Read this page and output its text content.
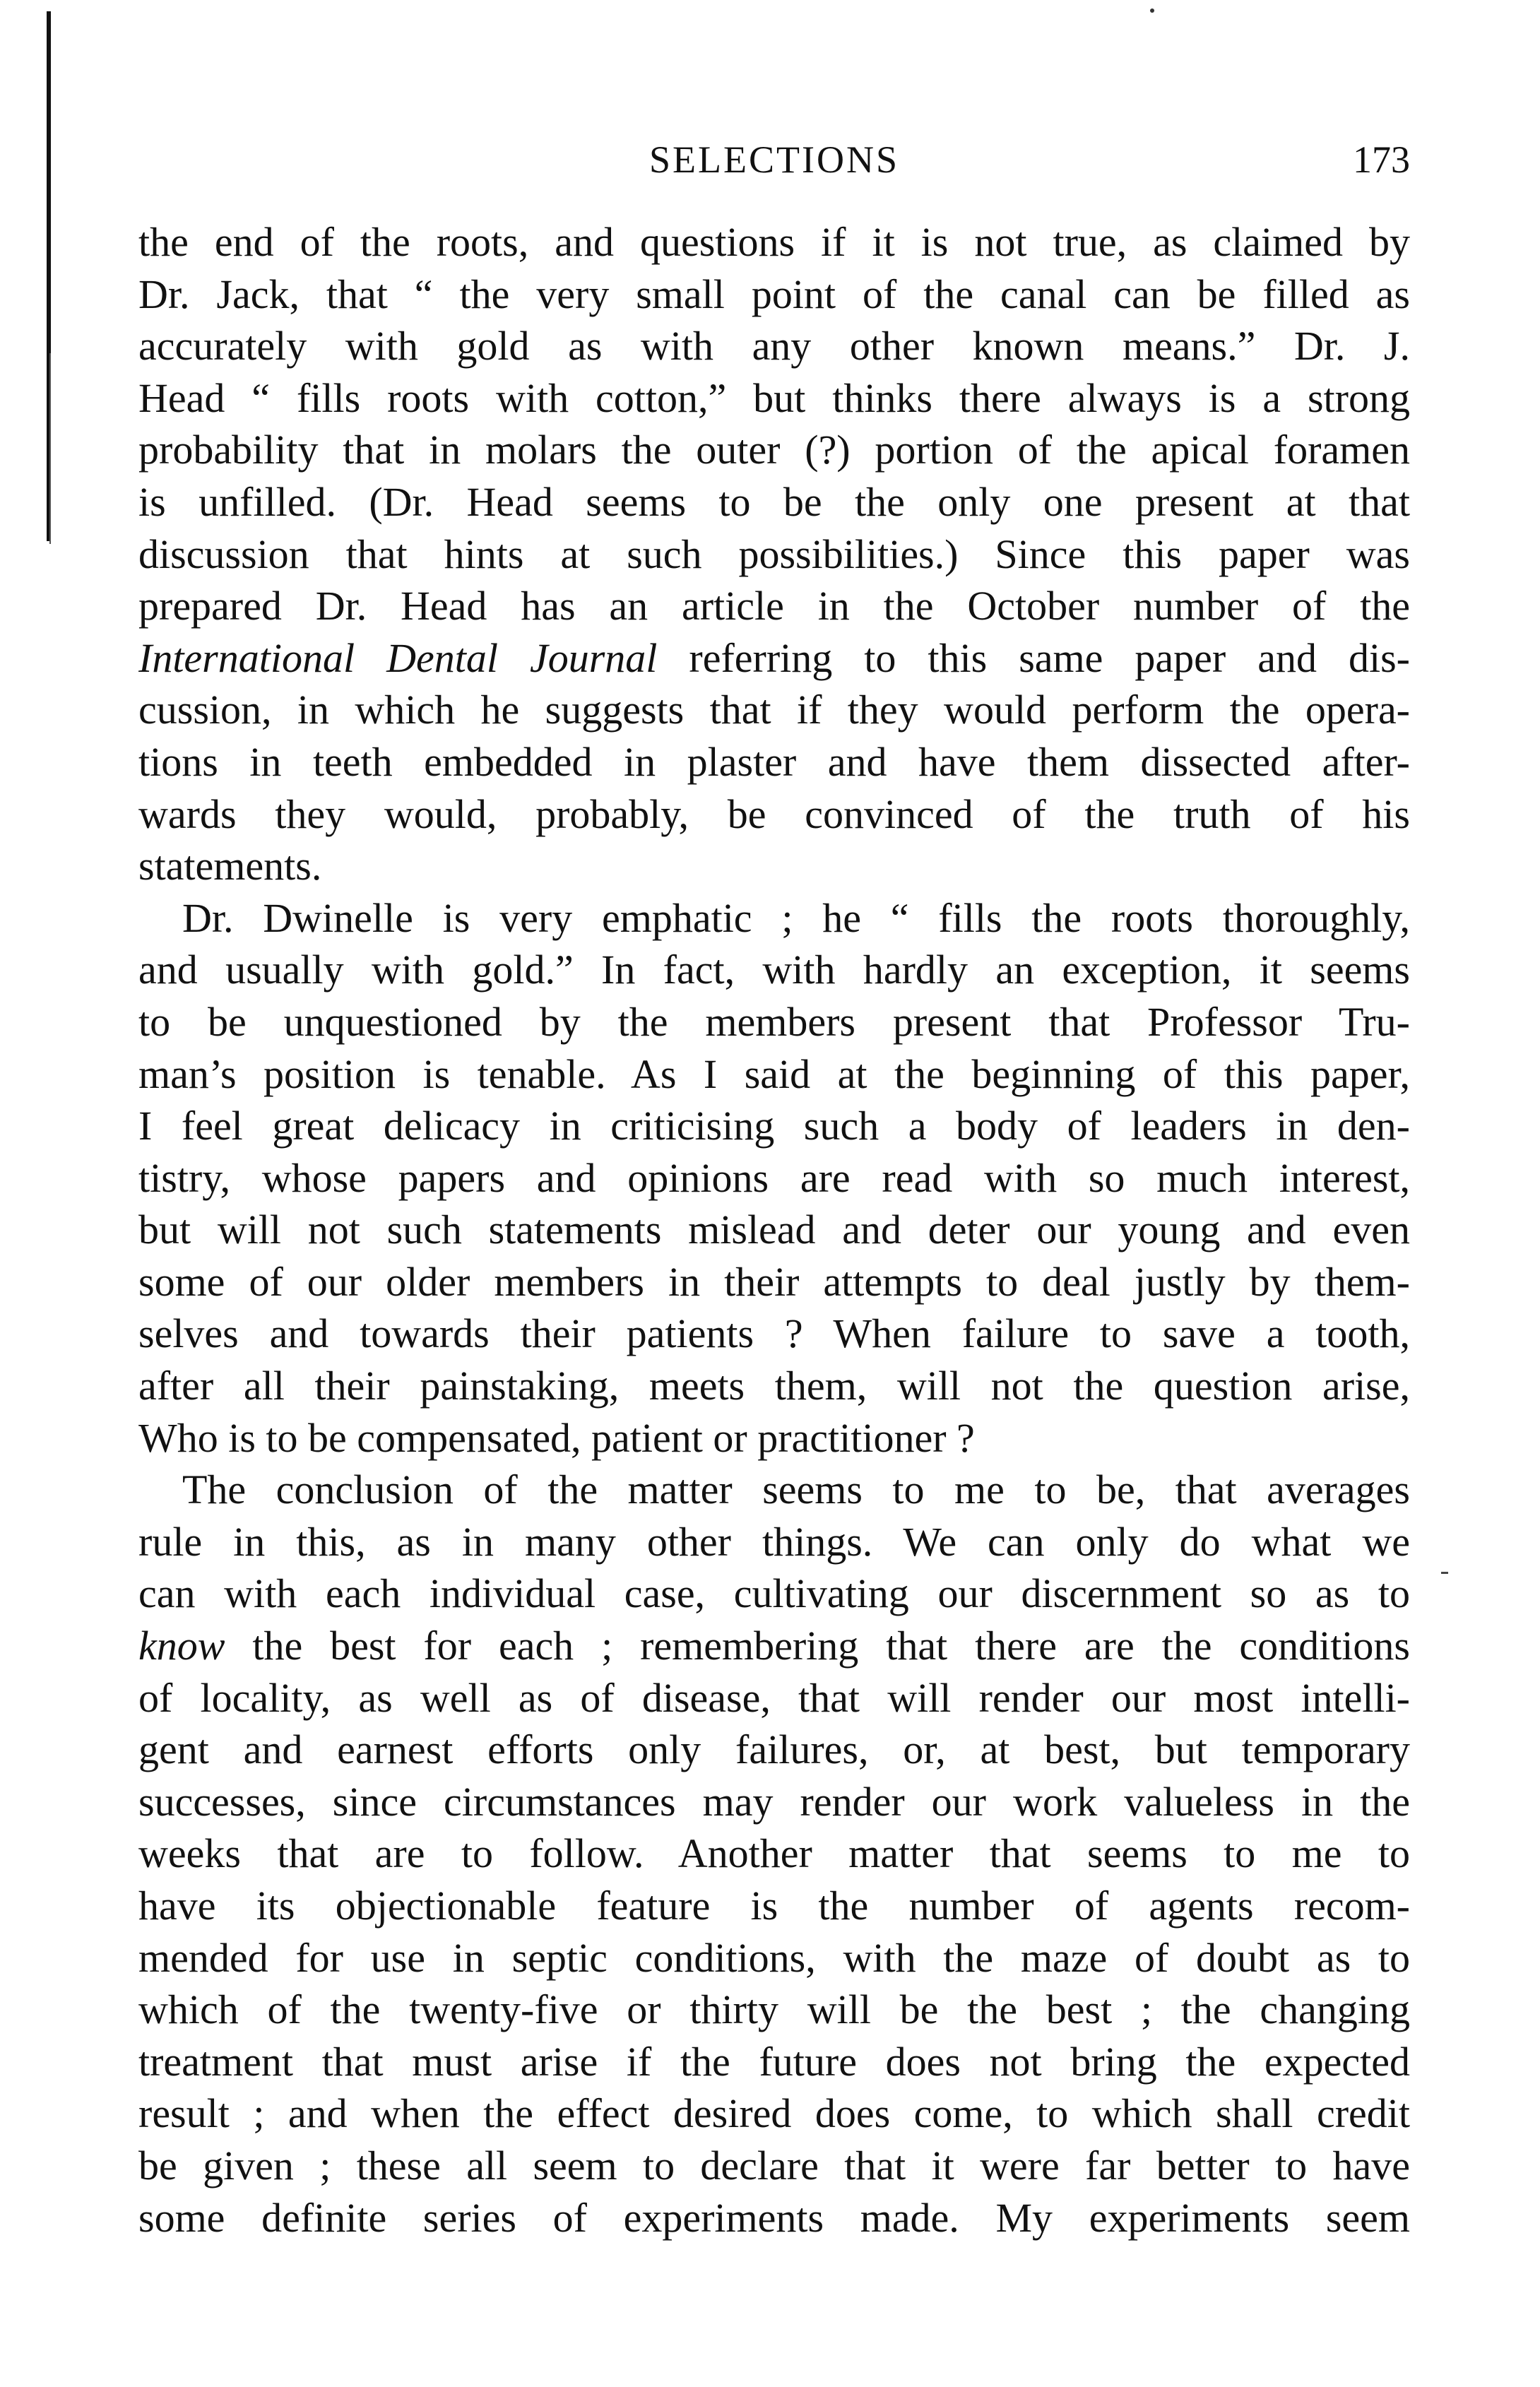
SELECTIONS	173
the end of the roots, and questions if it is not true, as claimed by
Dr. Jack, that “ the very small point of the canal can be filled as
accurately with gold as with any other known means.” Dr. J.
Head “ fills roots with cotton,” but thinks there always is a strong
probability that in molars the outer (?) portion of the apical foramen
is unfilled. (Dr. Head seems to be the only one present at that
discussion that hints at such possibilities.) Since this paper was
prepared Dr. Head has an article in the October number of the
International Dental Journal referring to this same paper and dis-
cussion, in which he suggests that if they would perform the opera-
tions in teeth embedded in plaster and have them dissected after-
wards they would, probably, be convinced of the truth of his
statements.
Dr. Dwinelle is very emphatic ; he “ fills the roots thoroughly,
and usually with gold.” In fact, with hardly an exception, it seems
to be unquestioned by the members present that Professor Tru-
man’s position is tenable. As I said at the beginning of this paper,
I feel great delicacy in criticising such a body of leaders in den-
tistry, whose papers and opinions are read with so much interest,
but will not such statements mislead and deter our young and even
some of our older members in their attempts to deal justly by them-
selves and towards their patients ? When failure to save a tooth,
after all their painstaking, meets them, will not the question arise,
Who is to be compensated, patient or practitioner ?
The conclusion of the matter seems to me to be, that averages
rule in this, as in many other things. We can only do what we
can with each individual case, cultivating our discernment so as to
know the best for each ; remembering that there are the conditions
of locality, as well as of disease, that will render our most intelli-
gent and earnest efforts only failures, or, at best, but temporary
successes, since circumstances may render our work valueless in the
weeks that are to follow. Another matter that seems to me to
have its objectionable feature is the number of agents recom-
mended for use in septic conditions, with the maze of doubt as to
which of the twenty-five or thirty will be the best ; the changing
treatment that must arise if the future does not bring the expected
result ; and when the effect desired does come, to which shall credit
be given ; these all seem to declare that it were far better to have
some definite series of experiments made. My experiments seem
